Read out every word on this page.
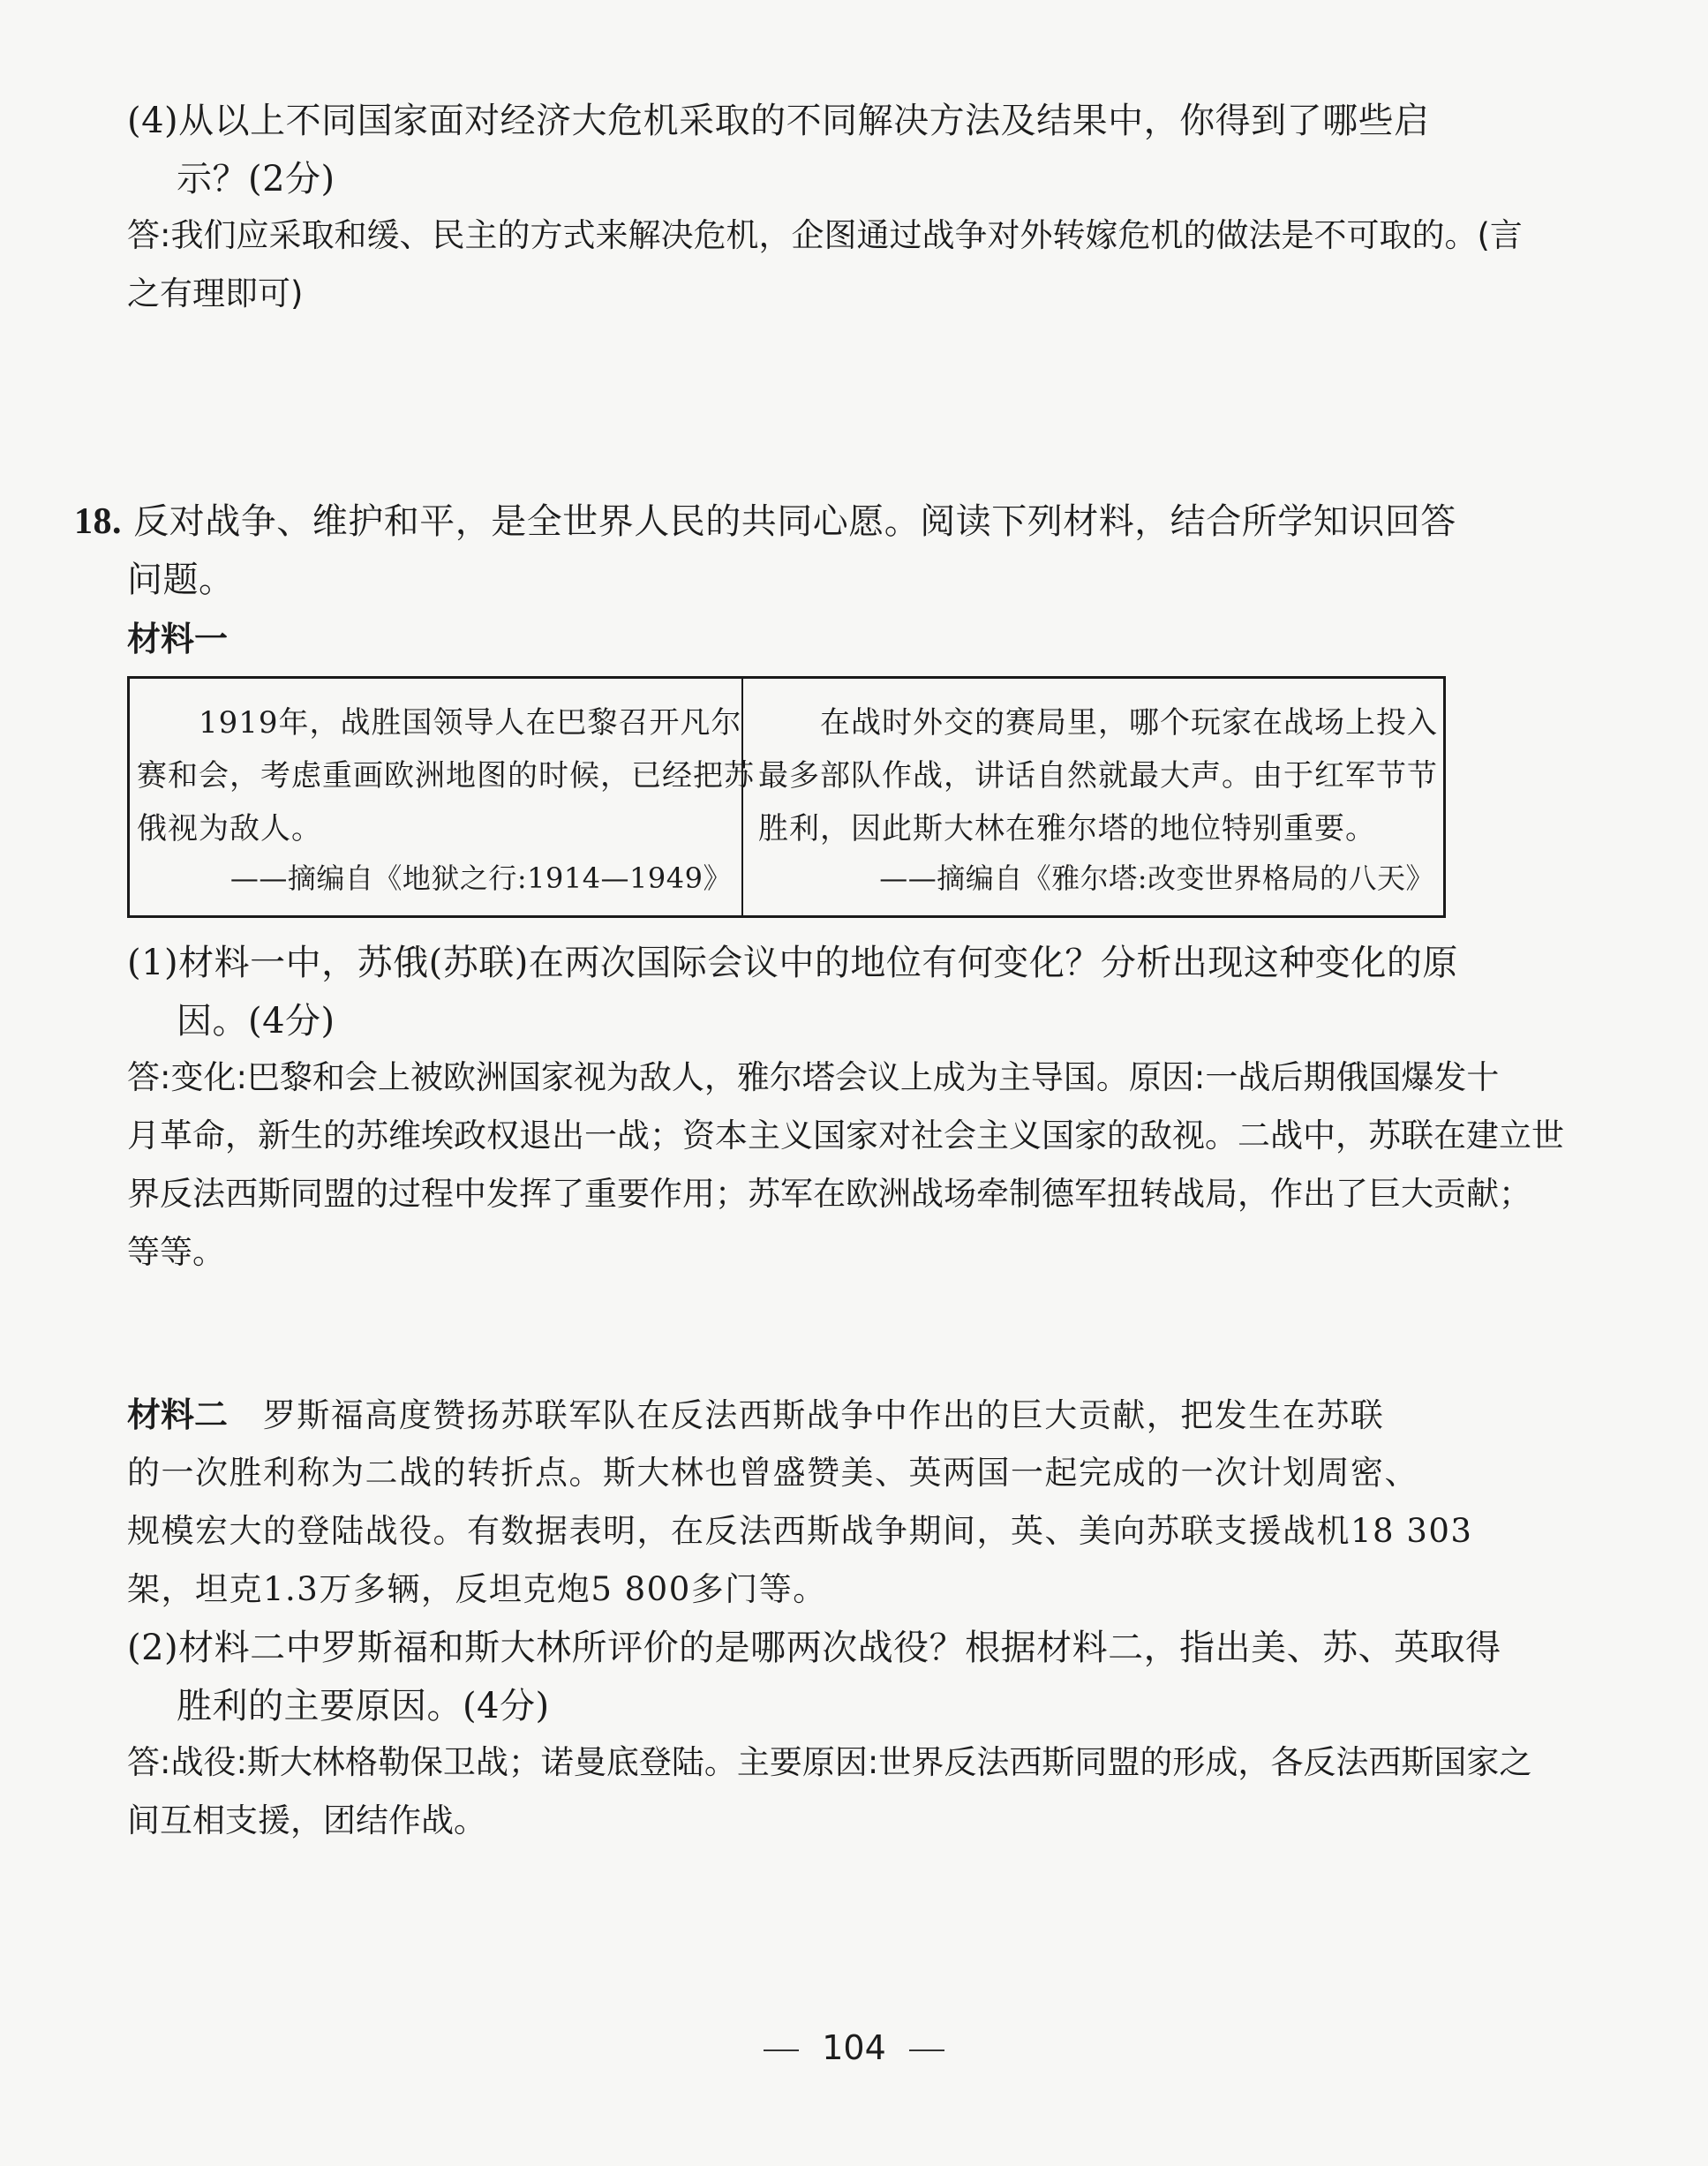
(4)从以上不同国家面对经济大危机采取的不同解决方法及结果中，你得到了哪些启
示？(2分)
答:我们应采取和缓、民主的方式来解决危机，企图通过战争对外转嫁危机的做法是不可取的。(言
之有理即可)
18. 反对战争、维护和平，是全世界人民的共同心愿。阅读下列材料，结合所学知识回答
问题。
材料一
1919年，战胜国领导人在巴黎召开凡尔
赛和会，考虑重画欧洲地图的时候，已经把苏
俄视为敌人。
——摘编自《地狱之行:1914—1949》
在战时外交的赛局里，哪个玩家在战场上投入
最多部队作战，讲话自然就最大声。由于红军节节
胜利，因此斯大林在雅尔塔的地位特别重要。
——摘编自《雅尔塔:改变世界格局的八天》
(1)材料一中，苏俄(苏联)在两次国际会议中的地位有何变化？分析出现这种变化的原
因。(4分)
答:变化:巴黎和会上被欧洲国家视为敌人，雅尔塔会议上成为主导国。原因:一战后期俄国爆发十
月革命，新生的苏维埃政权退出一战；资本主义国家对社会主义国家的敌视。二战中，苏联在建立世
界反法西斯同盟的过程中发挥了重要作用；苏军在欧洲战场牵制德军扭转战局，作出了巨大贡献；
等等。
材料二 罗斯福高度赞扬苏联军队在反法西斯战争中作出的巨大贡献，把发生在苏联
的一次胜利称为二战的转折点。斯大林也曾盛赞美、英两国一起完成的一次计划周密、
规模宏大的登陆战役。有数据表明，在反法西斯战争期间，英、美向苏联支援战机18 303
架，坦克1.3万多辆，反坦克炮5 800多门等。
(2)材料二中罗斯福和斯大林所评价的是哪两次战役？根据材料二，指出美、苏、英取得
胜利的主要原因。(4分)
答:战役:斯大林格勒保卫战；诺曼底登陆。主要原因:世界反法西斯同盟的形成，各反法西斯国家之
间互相支援，团结作战。
104
